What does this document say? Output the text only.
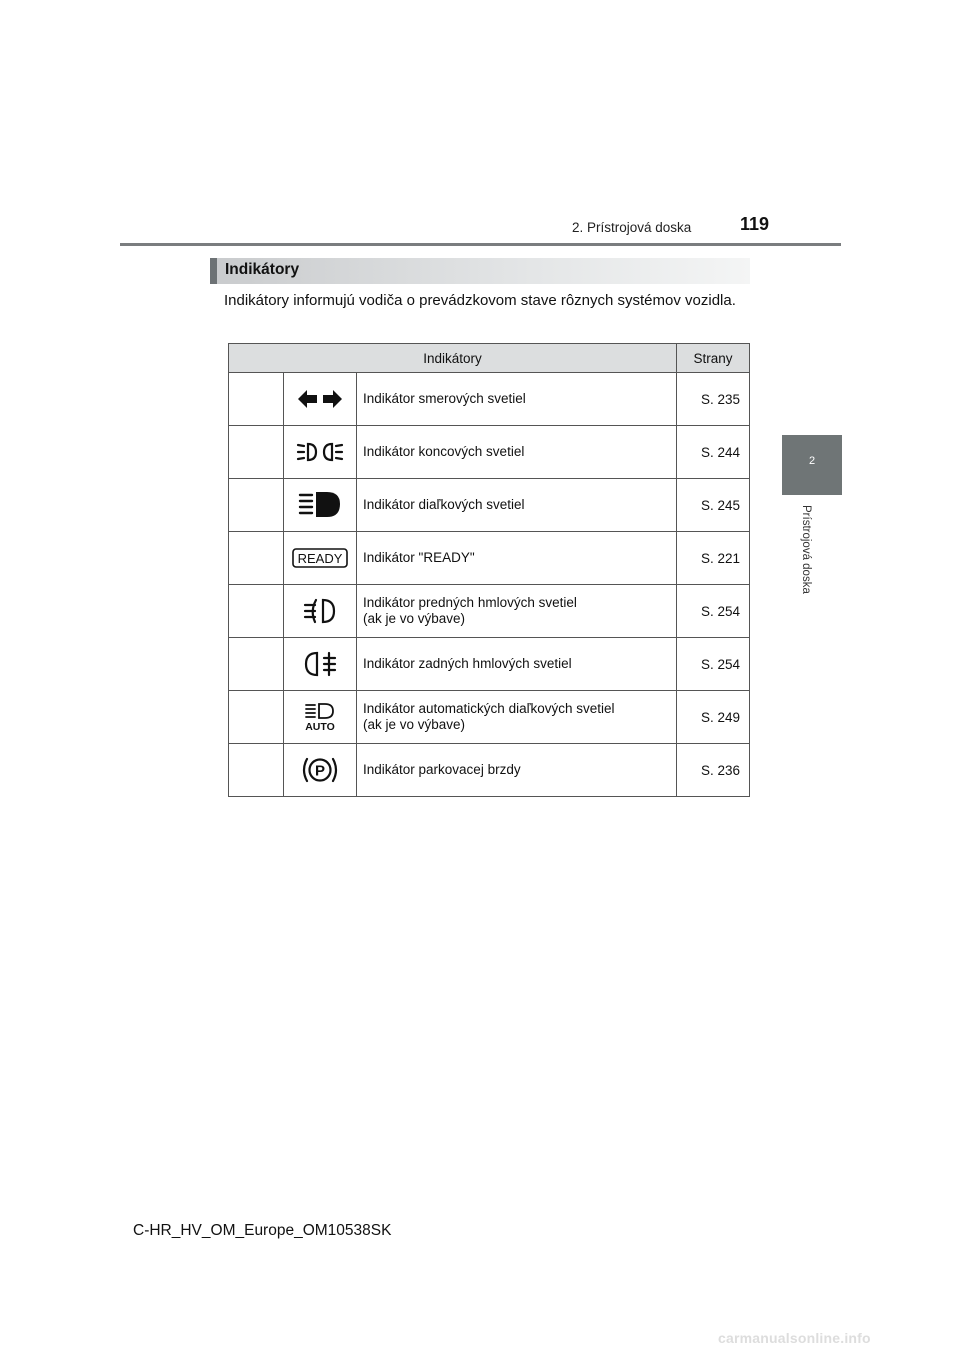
2. Prístrojová doska	119
2
Prístrojová doska
Indikátory
Indikátory informujú vodiča o prevádzkovom stave rôznych systémov vozidla.
Indikátory			Strany

Indikátor smerových svetiel	S. 235

Indikátor koncových svetiel	S. 244

Indikátor diaľkových svetiel	S. 245

READY	Indikátor "READY"	S. 221

Indikátor predných hmlových svetiel
(ak je vo výbave)	S. 254

Indikátor zadných hmlových svetiel	S. 254

AUTO	Indikátor automatických diaľkových svetiel
(ak je vo výbave)	S. 249

P	Indikátor parkovacej brzdy	S. 236
C-HR_HV_OM_Europe_OM10538SK
carmanualsonline.info
